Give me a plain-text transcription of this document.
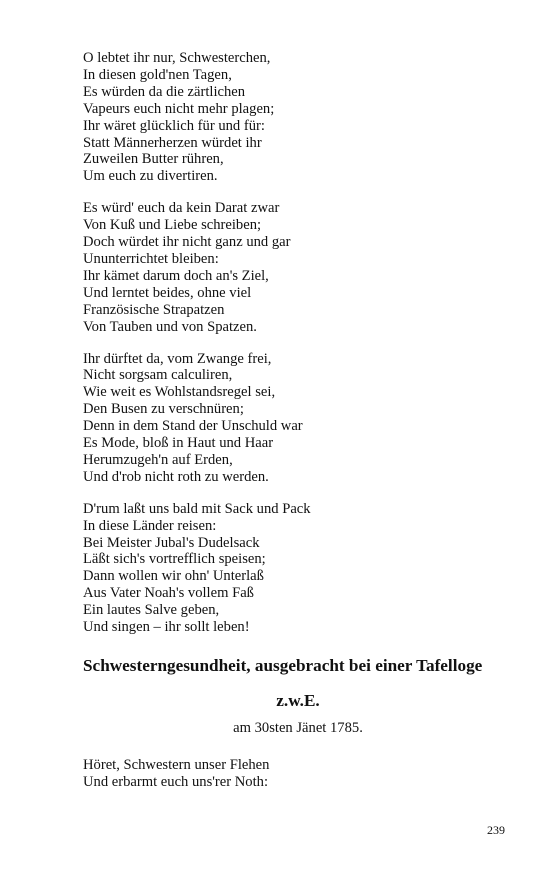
O lebtet ihr nur, Schwesterchen,
In diesen gold'nen Tagen,
Es würden da die zärtlichen
Vapeurs euch nicht mehr plagen;
Ihr wäret glücklich für und für:
Statt Männerherzen würdet ihr
Zuweilen Butter rühren,
Um euch zu divertiren.
Es würd' euch da kein Darat zwar
Von Kuß und Liebe schreiben;
Doch würdet ihr nicht ganz und gar
Ununterrichtet bleiben:
Ihr kämet darum doch an's Ziel,
Und lerntet beides, ohne viel
Französische Strapatzen
Von Tauben und von Spatzen.
Ihr dürftet da, vom Zwange frei,
Nicht sorgsam calculiren,
Wie weit es Wohlstandsregel sei,
Den Busen zu verschnüren;
Denn in dem Stand der Unschuld war
Es Mode, bloß in Haut und Haar
Herumzugeh'n auf Erden,
Und d'rob nicht roth zu werden.
D'rum laßt uns bald mit Sack und Pack
In diese Länder reisen:
Bei Meister Jubal's Dudelsack
Läßt sich's vortrefflich speisen;
Dann wollen wir ohn' Unterlaß
Aus Vater Noah's vollem Faß
Ein lautes Salve geben,
Und singen – ihr sollt leben!
Schwesterngesundheit, ausgebracht bei einer Tafelloge
z.w.E.
am 30sten Jänet 1785.
Höret, Schwestern unser Flehen
Und erbarmt euch uns'rer Noth:
239
